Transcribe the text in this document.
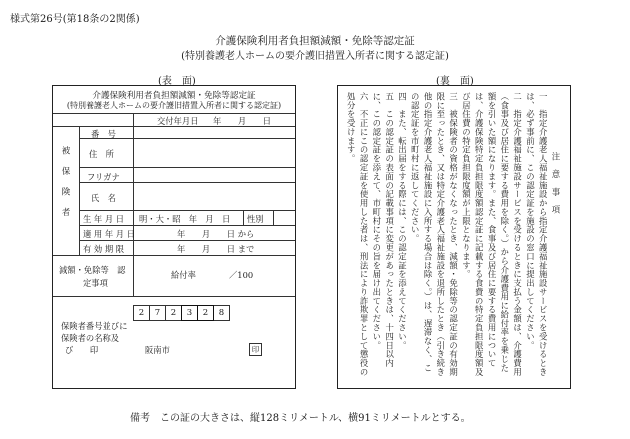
様式第26号(第18条の2関係)
介護保険利用者負担額減額・免除等認定証
(特別養護老人ホームの要介護旧措置入所者に関する認定証)
(表　面)	(裏　面)
介護保険利用者負担額減額・免除等認定証
(特別養護老人ホームの要介護旧措置入所者に関する認定証)
交付年月日 年　　月　　日
被保険者
番　号
住　所
フリガナ
氏　名
生 年 月 日 明・大・昭　年　月　日 性別
適 用 年 月 日	年　　月　　日 から
有 効 期 限	年　　月　　日 まで
減額・免除等　認
定事項
給付率	／100
保険者番号並びに
保険者の名称及
び　　印
2	7	2	3	2	8
阪南市	印

注　意　事　項

一　指定介護老人福祉施設から指定介護福祉施設サービスを受けるときは、必ず事前に、この認定証を施設の窓口に提出してください。

二　指定介護福祉施設サービスを受けるときに支払う金額は、介護費用（食事及び居住に要する費用を除く。）から介護費用に給付率を乗じた額を引いた額になります。また、食事及び居住に要する費用については、介護保険特定負担限度額認定証に記載する食費の特定負担限度額及び居住費の特定負担限度額が上限となります。

三　被保険者の資格がなくなったとき、減額・免除等の認定証の有効期限に至ったとき、又は特定介護老人福祉施設を退所したとき（引き続き他の指定介護老人福祉施設に入所する場合は除く。）は、遅滞なく、この認定証を市町村に返してください。

四　また、転出届をする際には、この認定証を添えてください。

五　この認定証の表面の記載事項に変更があったときは、十四日以内に、この認定証を添えて、市町村にその旨を届け出てください。

六　不正にこの認定証を使用した者は、刑法により詐欺罪として懲役の処分を受けます。

備考　この証の大きさは、縦128ミリメートル、横91ミリメートルとする。
